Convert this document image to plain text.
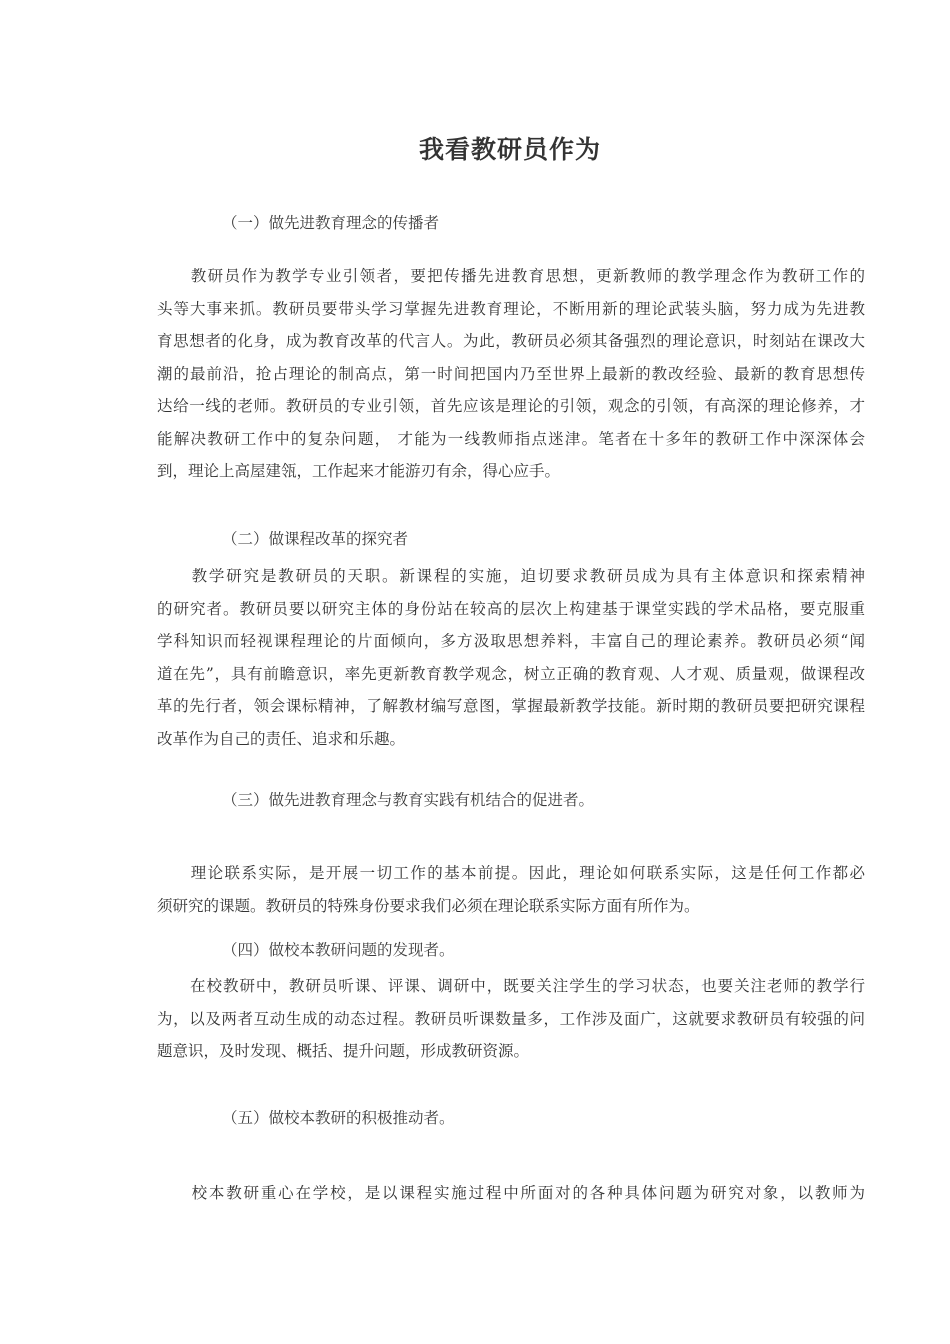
我看教研员作为
（一）做先进教育理念的传播者
　　教研员作为教学专业引领者，要把传播先进教育思想，更新教师的教学理念作为教研工作的
头等大事来抓。教研员要带头学习掌握先进教育理论，不断用新的理论武装头脑，努力成为先进教
育思想者的化身，成为教育改革的代言人。为此，教研员必须其备强烈的理论意识，时刻站在课改大
潮的最前沿，抢占理论的制高点，第一时间把国内乃至世界上最新的教改经验、最新的教育思想传
达给一线的老师。教研员的专业引领，首先应该是理论的引领，观念的引领，有高深的理论修养，才
能解决教研工作中的复杂问题， 才能为一线教师指点迷津。笔者在十多年的教研工作中深深体会
到，理论上高屋建瓴，工作起来才能游刃有余，得心应手。
（二）做课程改革的探究者
　　教学研究是教研员的天职。新课程的实施，迫切要求教研员成为具有主体意识和探索精神
的研究者。教研员要以研究主体的身份站在较高的层次上构建基于课堂实践的学术品格，要克服重
学科知识而轻视课程理论的片面倾向，多方汲取思想养料，丰富自己的理论素养。教研员必须“闻
道在先”，具有前瞻意识，率先更新教育教学观念，树立正确的教育观、人才观、质量观，做课程改
革的先行者，领会课标精神，了解教材编写意图，掌握最新教学技能。新时期的教研员要把研究课程
改革作为自己的责任、追求和乐趣。
（三）做先进教育理念与教育实践有机结合的促进者。
　　理论联系实际，是开展一切工作的基本前提。因此，理论如何联系实际，这是任何工作都必
须研究的课题。教研员的特殊身份要求我们必须在理论联系实际方面有所作为。
（四）做校本教研问题的发现者。
　　在校教研中，教研员听课、评课、调研中，既要关注学生的学习状态，也要关注老师的教学行
为，以及两者互动生成的动态过程。教研员听课数量多，工作涉及面广，这就要求教研员有较强的问
题意识，及时发现、概括、提升问题，形成教研资源。
（五）做校本教研的积极推动者。
　　校本教研重心在学校，是以课程实施过程中所面对的各种具体问题为研究对象，以教师为
